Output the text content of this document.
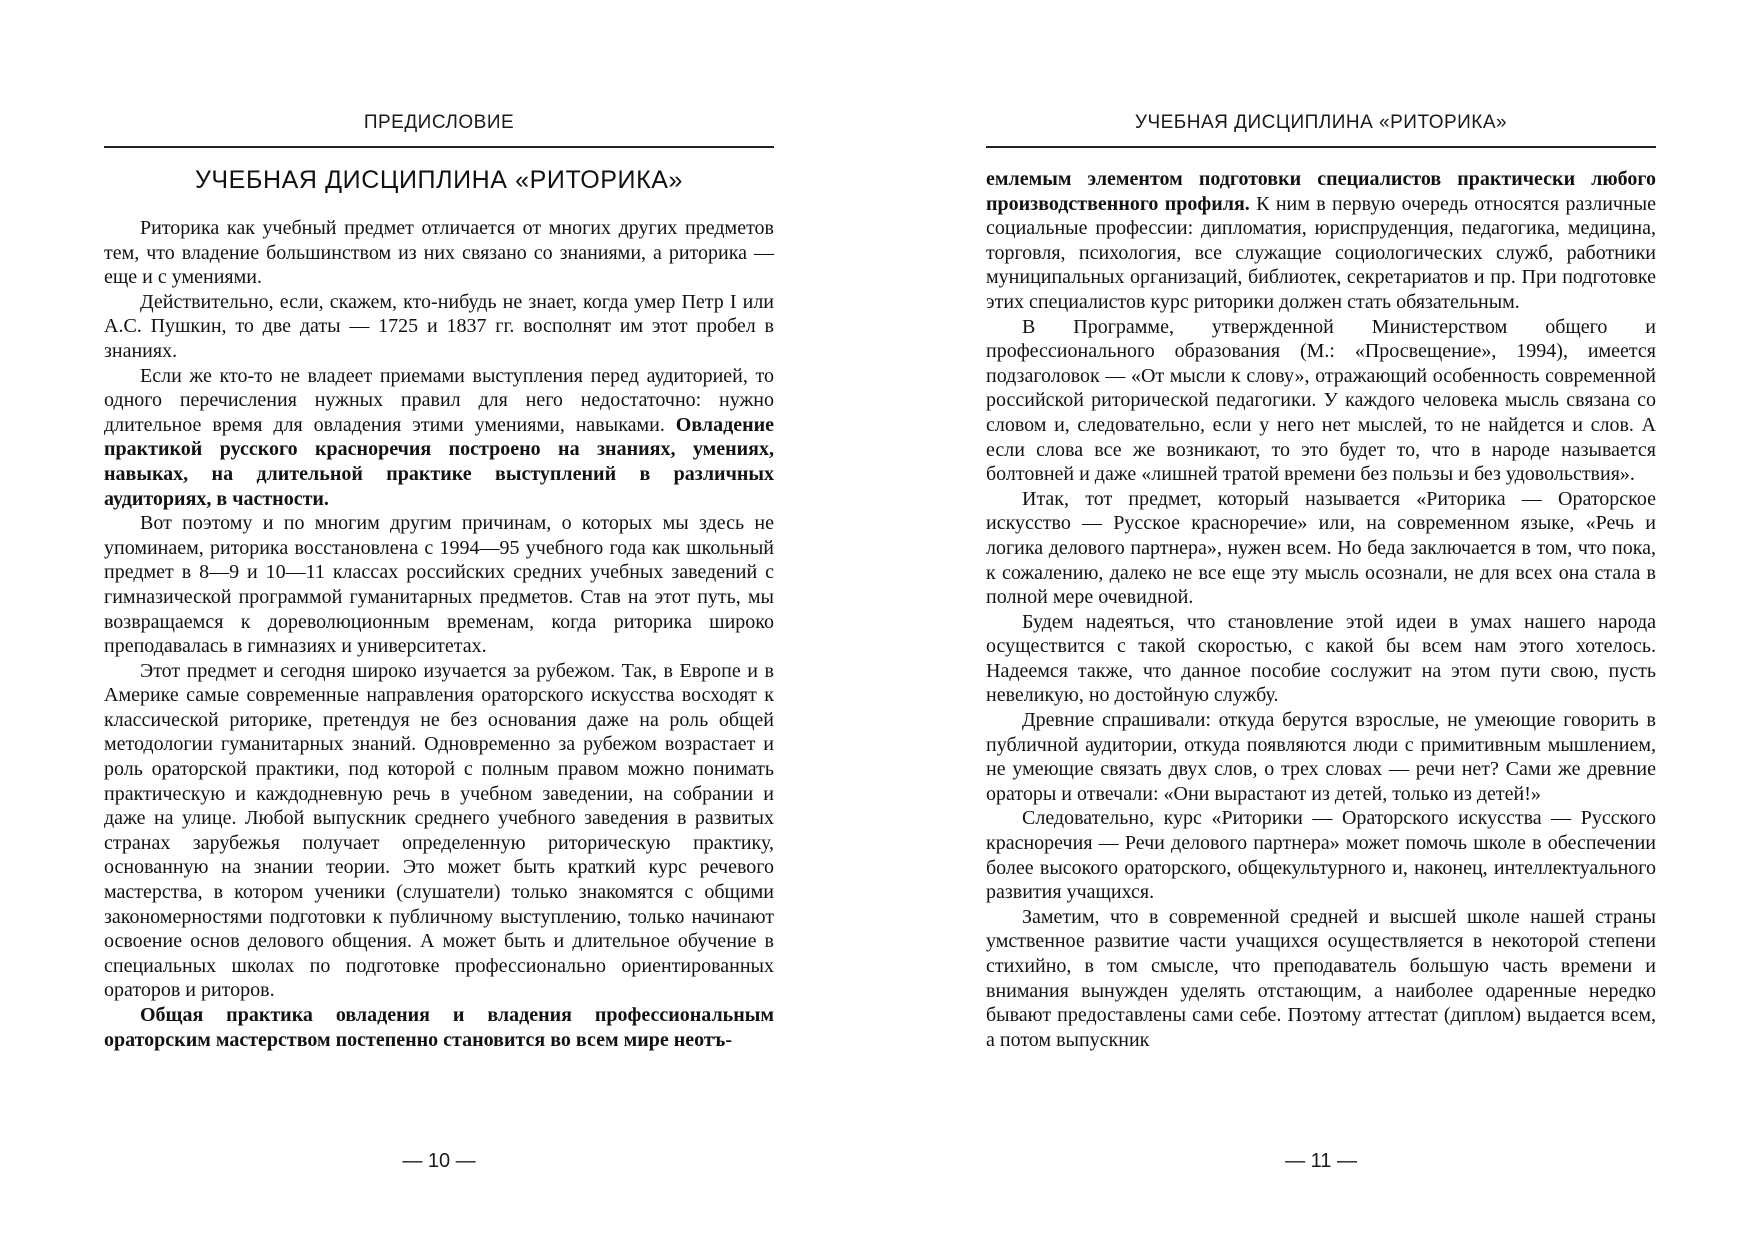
ПРЕДИСЛОВИЕ
УЧЕБНАЯ ДИСЦИПЛИНА «РИТОРИКА»

Риторика как учебный предмет отличается от многих других предметов тем, что владение большинством из них связано со знаниями, а риторика — еще и с умениями.

Действительно, если, скажем, кто-нибудь не знает, когда умер Петр I или А.С. Пушкин, то две даты — 1725 и 1837 гг. восполнят им этот пробел в знаниях.

Если же кто-то не владеет приемами выступления перед аудиторией, то одного перечисления нужных правил для него недостаточно: нужно длительное время для овладения этими умениями, навыками. Овладение практикой русского красноречия построено на знаниях, умениях, навыках, на длительной практике выступлений в различных аудиториях, в частности.

Вот поэтому и по многим другим причинам, о которых мы здесь не упоминаем, риторика восстановлена с 1994—95 учебного года как школьный предмет в 8—9 и 10—11 классах российских средних учебных заведений с гимназической программой гуманитарных предметов. Став на этот путь, мы возвращаемся к дореволюционным временам, когда риторика широко преподавалась в гимназиях и университетах.

Этот предмет и сегодня широко изучается за рубежом. Так, в Европе и в Америке самые современные направления ораторского искусства восходят к классической риторике, претендуя не без основания даже на роль общей методологии гуманитарных знаний. Одновременно за рубежом возрастает и роль ораторской практики, под которой с полным правом можно понимать практическую и каждодневную речь в учебном заведении, на собрании и даже на улице. Любой выпускник среднего учебного заведения в развитых странах зарубежья получает определенную риторическую практику, основанную на знании теории. Это может быть краткий курс речевого мастерства, в котором ученики (слушатели) только знакомятся с общими закономерностями подготовки к публичному выступлению, только начинают освоение основ делового общения. А может быть и длительное обучение в специальных школах по подготовке профессионально ориентированных ораторов и риторов.

Общая практика овладения и владения профессиональным ораторским мастерством постепенно становится во всем мире неотъ-

— 10 —
УЧЕБНАЯ ДИСЦИПЛИНА «РИТОРИКА»

емлемым элементом подготовки специалистов практически любого производственного профиля. К ним в первую очередь относятся различные социальные профессии: дипломатия, юриспруденция, педагогика, медицина, торговля, психология, все служащие социологических служб, работники муниципальных организаций, библиотек, секретариатов и пр. При подготовке этих специалистов курс риторики должен стать обязательным.

В Программе, утвержденной Министерством общего и профессионального образования (М.: «Просвещение», 1994), имеется подзаголовок — «От мысли к слову», отражающий особенность современной российской риторической педагогики. У каждого человека мысль связана со словом и, следовательно, если у него нет мыслей, то не найдется и слов. А если слова все же возникают, то это будет то, что в народе называется болтовней и даже «лишней тратой времени без пользы и без удовольствия».

Итак, тот предмет, который называется «Риторика — Ораторское искусство — Русское красноречие» или, на современном языке, «Речь и логика делового партнера», нужен всем. Но беда заключается в том, что пока, к сожалению, далеко не все еще эту мысль осознали, не для всех она стала в полной мере очевидной.

Будем надеяться, что становление этой идеи в умах нашего народа осуществится с такой скоростью, с какой бы всем нам этого хотелось. Надеемся также, что данное пособие сослужит на этом пути свою, пусть невеликую, но достойную службу.

Древние спрашивали: откуда берутся взрослые, не умеющие говорить в публичной аудитории, откуда появляются люди с примитивным мышлением, не умеющие связать двух слов, о трех словах — речи нет? Сами же древние ораторы и отвечали: «Они вырастают из детей, только из детей!»

Следовательно, курс «Риторики — Ораторского искусства — Русского красноречия — Речи делового партнера» может помочь школе в обеспечении более высокого ораторского, общекультурного и, наконец, интеллектуального развития учащихся.

Заметим, что в современной средней и высшей школе нашей страны умственное развитие части учащихся осуществляется в некоторой степени стихийно, в том смысле, что преподаватель большую часть времени и внимания вынужден уделять отстающим, а наиболее одаренные нередко бывают предоставлены сами себе. Поэтому аттестат (диплом) выдается всем, а потом выпускник

— 11 —
